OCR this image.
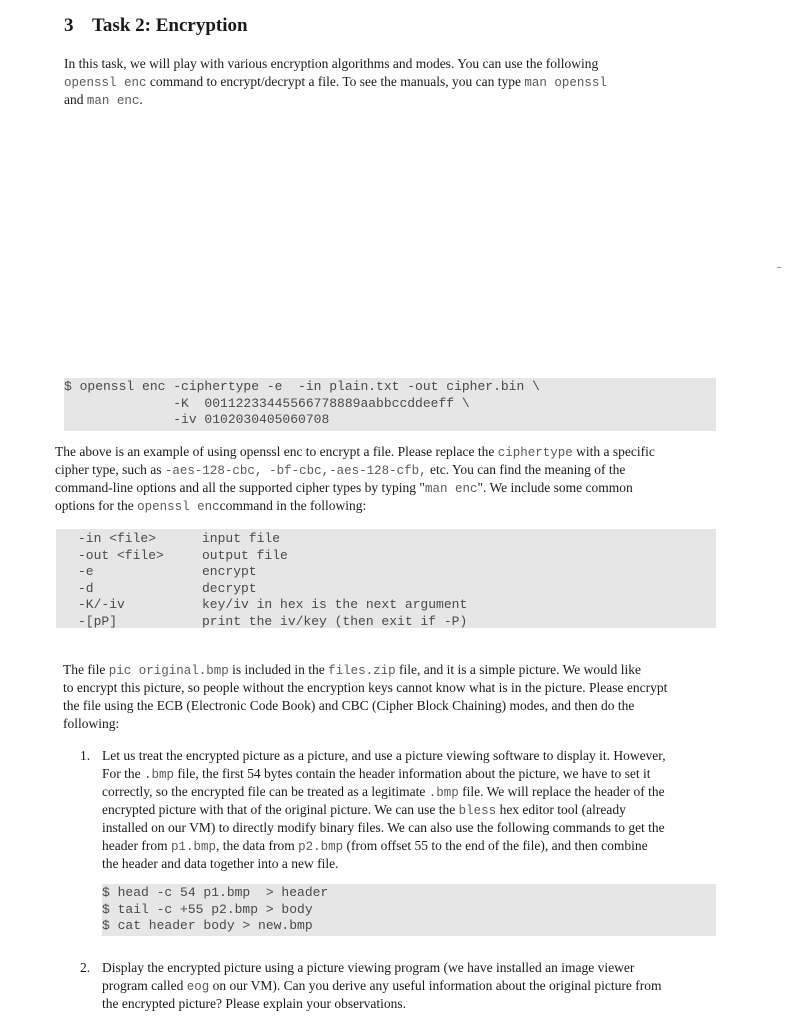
3 Task 2: Encryption
In this task, we will play with various encryption algorithms and modes. You can use the following
openssl enc command to encrypt/decrypt a file. To see the manuals, you can type man openssl
and man enc.
$ openssl enc -ciphertype -e  -in plain.txt -out cipher.bin \
-K  00112233445566778889aabbccddeeff \
-iv 0102030405060708
The above is an example of using openssl enc to encrypt a file. Please replace the ciphertype with a specific
cipher type, such as -aes-128-cbc, -bf-cbc,-aes-128-cfb, etc. You can find the meaning of the
command-line options and all the supported cipher types by typing "man enc". We include some common
options for the openssl enccommand in the following:
-in <file>	input file
-out <file>	output file
-e	encrypt
-d	decrypt
-K/-iv	key/iv in hex is the next argument
-[pP]	print the iv/key (then exit if -P)
The file pic original.bmp is included in the files.zip file, and it is a simple picture. We would like
to encrypt this picture, so people without the encryption keys cannot know what is in the picture. Please encrypt
the file using the ECB (Electronic Code Book) and CBC (Cipher Block Chaining) modes, and then do the
following:
1. Let us treat the encrypted picture as a picture, and use a picture viewing software to display it. However,
For the .bmp file, the first 54 bytes contain the header information about the picture, we have to set it
correctly, so the encrypted file can be treated as a legitimate .bmp file. We will replace the header of the
encrypted picture with that of the original picture. We can use the bless hex editor tool (already
installed on our VM) to directly modify binary files. We can also use the following commands to get the
header from p1.bmp, the data from p2.bmp (from offset 55 to the end of the file), and then combine
the header and data together into a new file.
$ head -c 54 p1.bmp  > header
$ tail -c +55 p2.bmp > body
$ cat header body > new.bmp
2. Display the encrypted picture using a picture viewing program (we have installed an image viewer
program called eog on our VM). Can you derive any useful information about the original picture from
the encrypted picture? Please explain your observations.
